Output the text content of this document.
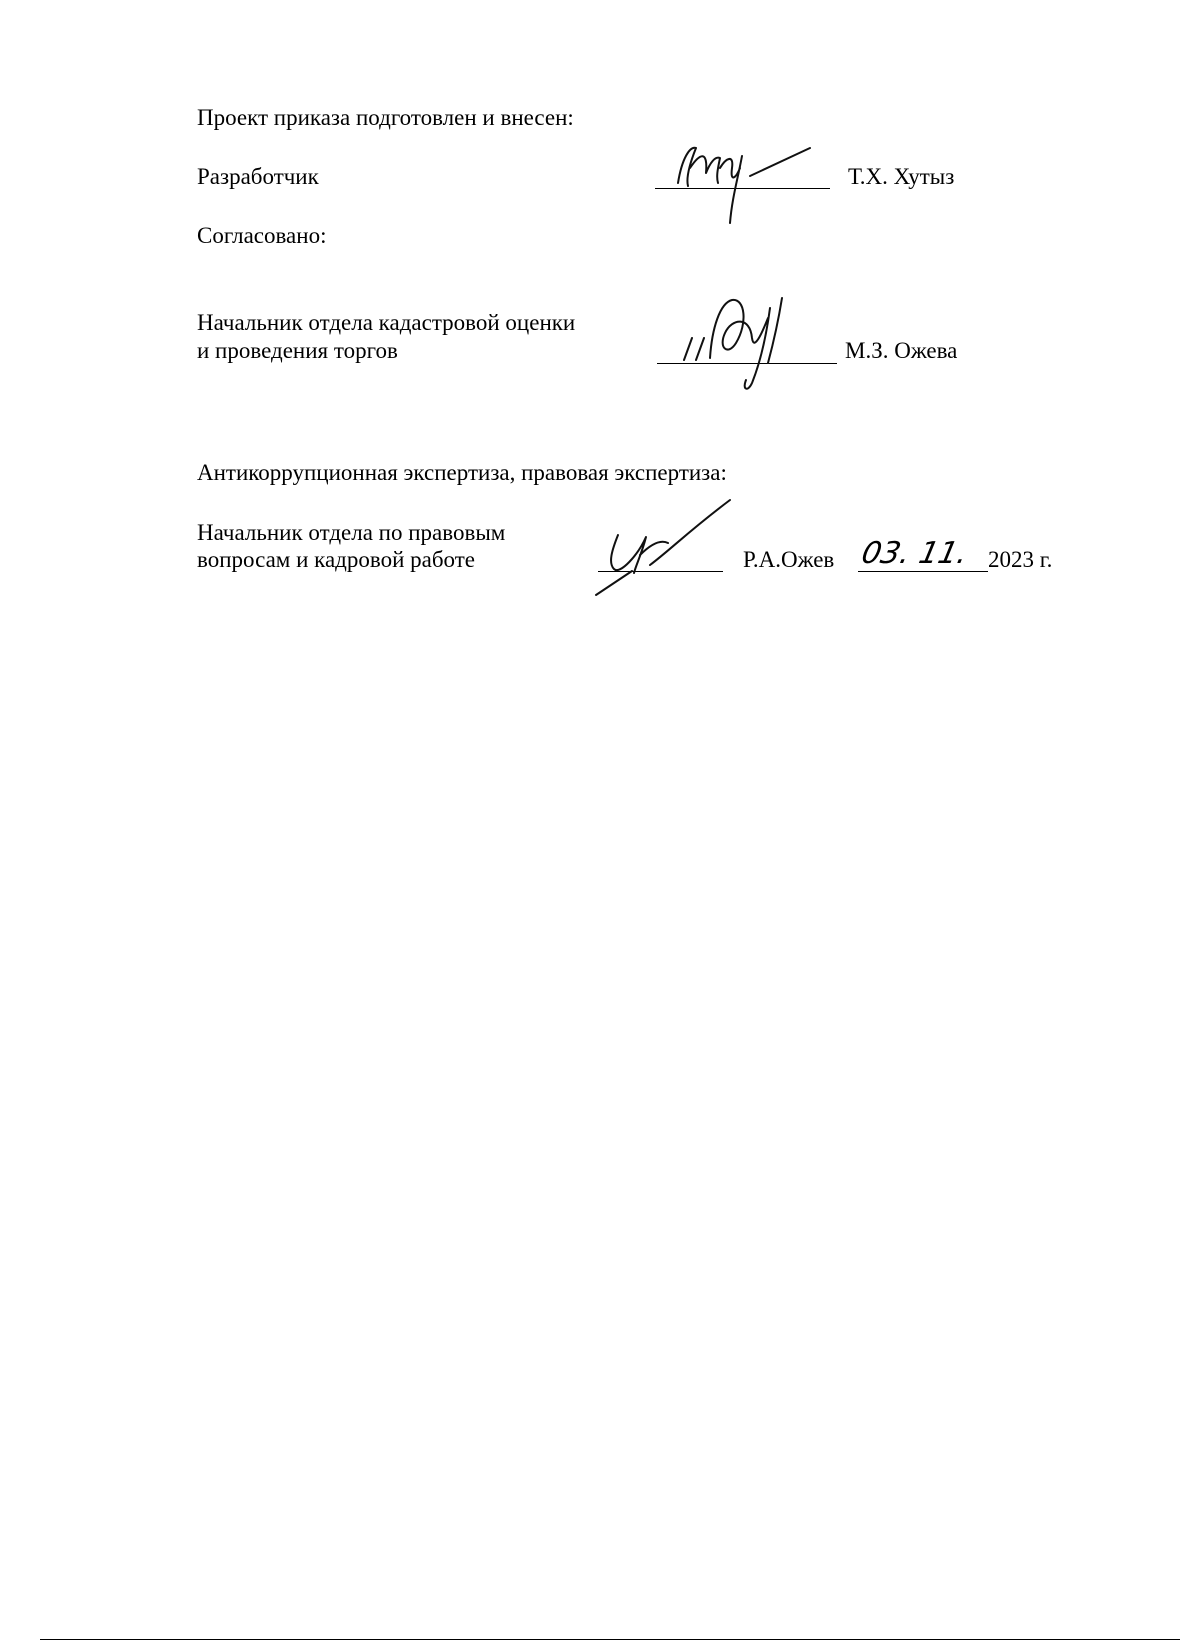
Проект приказа подготовлен и внесен:
Разработчик	Т.Х. Хутыз
Согласовано:
Начальник отдела кадастровой оценки
и проведения торгов	М.З. Ожева
Антикоррупционная экспертиза, правовая экспертиза:
Начальник отдела по правовым
вопросам и кадровой работе	Р.А.Ожев 03. 11. 2023 г.
